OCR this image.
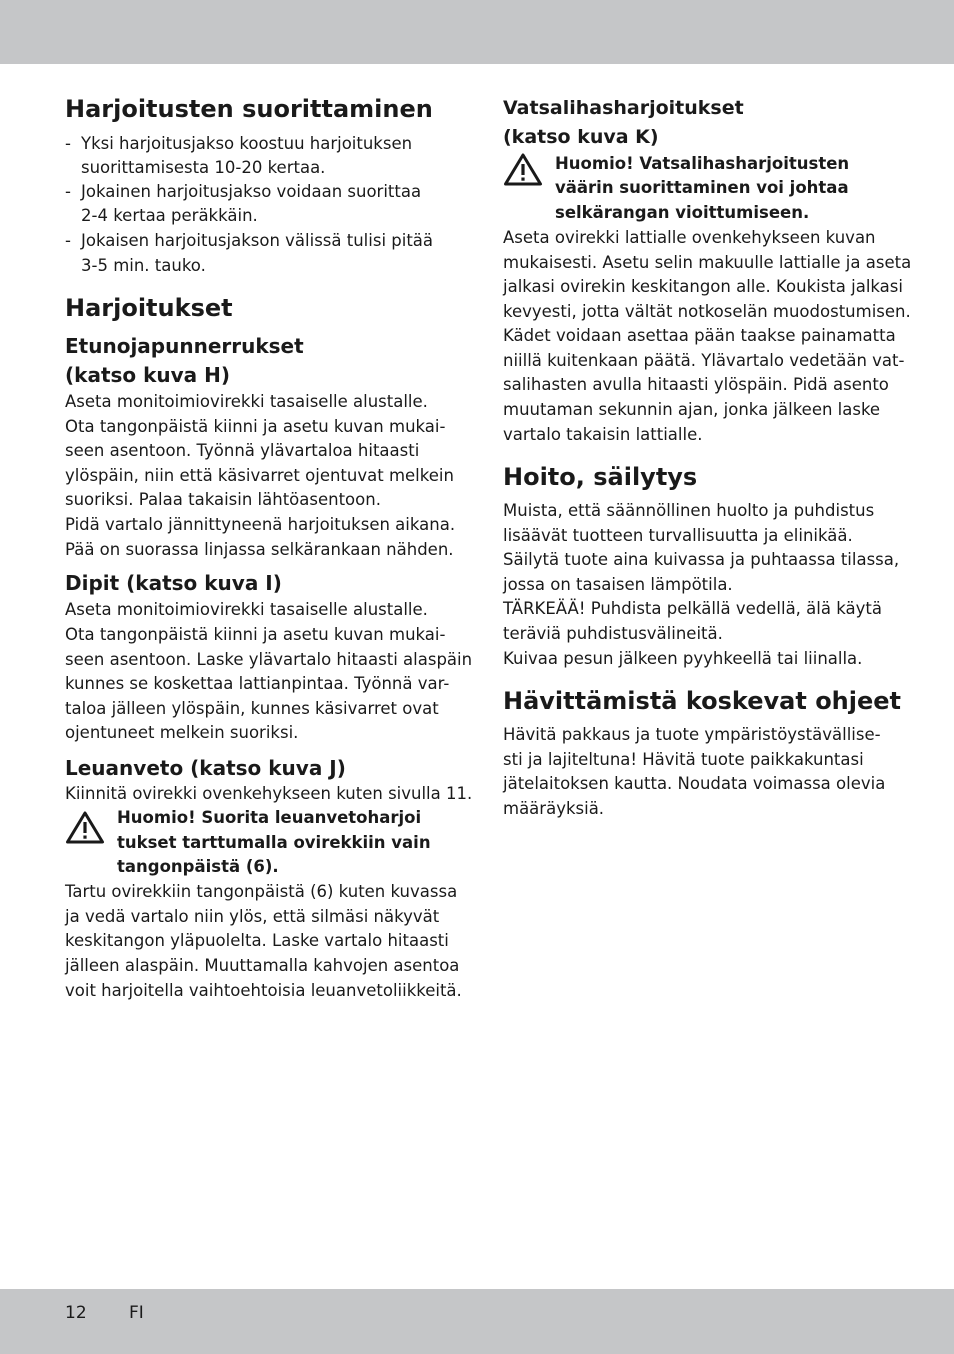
Harjoitusten suorittaminen
- Yksi harjoitusjakso koostuu harjoituksen
suorittamisesta 10-20 kertaa.
- Jokainen harjoitusjakso voidaan suorittaa
2-4 kertaa peräkkäin.
- Jokaisen harjoitusjakson välissä tulisi pitää
3-5 min. tauko.
Harjoitukset
Etunojapunnerrukset
(katso kuva H)
Aseta monitoimiovirekki tasaiselle alustalle.
Ota tangonpäistä kiinni ja asetu kuvan mukai-
seen asentoon. Työnnä ylävartaloa hitaasti
ylöspäin, niin että käsivarret ojentuvat melkein
suoriksi. Palaa takaisin lähtöasentoon.
Pidä vartalo jännittyneenä harjoituksen aikana.
Pää on suorassa linjassa selkärankaan nähden.
Dipit (katso kuva I)
Aseta monitoimiovirekki tasaiselle alustalle.
Ota tangonpäistä kiinni ja asetu kuvan mukai-
seen asentoon. Laske ylävartalo hitaasti alaspäin
kunnes se koskettaa lattianpintaa. Työnnä var-
taloa jälleen ylöspäin, kunnes käsivarret ovat
ojentuneet melkein suoriksi.
Leuanveto (katso kuva J)
Kiinnitä ovirekki ovenkehykseen kuten sivulla 11.
Huomio! Suorita leuanvetoharjoi
tukset tarttumalla ovirekkiin vain
tangonpäistä (6).
Tartu ovirekkiin tangonpäistä (6) kuten kuvassa
ja vedä vartalo niin ylös, että silmäsi näkyvät
keskitangon yläpuolelta. Laske vartalo hitaasti
jälleen alaspäin. Muuttamalla kahvojen asentoa
voit harjoitella vaihtoehtoisia leuanvetoliikkeitä.
Vatsalihasharjoitukset
(katso kuva K)
Huomio! Vatsalihasharjoitusten
väärin suorittaminen voi johtaa
selkärangan vioittumiseen.
Aseta ovirekki lattialle ovenkehykseen kuvan
mukaisesti. Asetu selin makuulle lattialle ja aseta
jalkasi ovirekin keskitangon alle. Koukista jalkasi
kevyesti, jotta vältät notkoselän muodostumisen.
Kädet voidaan asettaa pään taakse painamatta
niillä kuitenkaan päätä. Ylävartalo vedetään vat-
salihasten avulla hitaasti ylöspäin. Pidä asento
muutaman sekunnin ajan, jonka jälkeen laske
vartalo takaisin lattialle.
Hoito, säilytys
Muista, että säännöllinen huolto ja puhdistus
lisäävät tuotteen turvallisuutta ja elinikää.
Säilytä tuote aina kuivassa ja puhtaassa tilassa,
jossa on tasaisen lämpötila.
TÄRKEÄÄ! Puhdista pelkällä vedellä, älä käytä
teräviä puhdistusvälineitä.
Kuivaa pesun jälkeen pyyhkeellä tai liinalla.
Hävittämistä koskevat ohjeet
Hävitä pakkaus ja tuote ympäristöystävällise-
sti ja lajiteltuna! Hävitä tuote paikkakuntasi
jätelaitoksen kautta. Noudata voimassa olevia
määräyksiä.
12 FI
